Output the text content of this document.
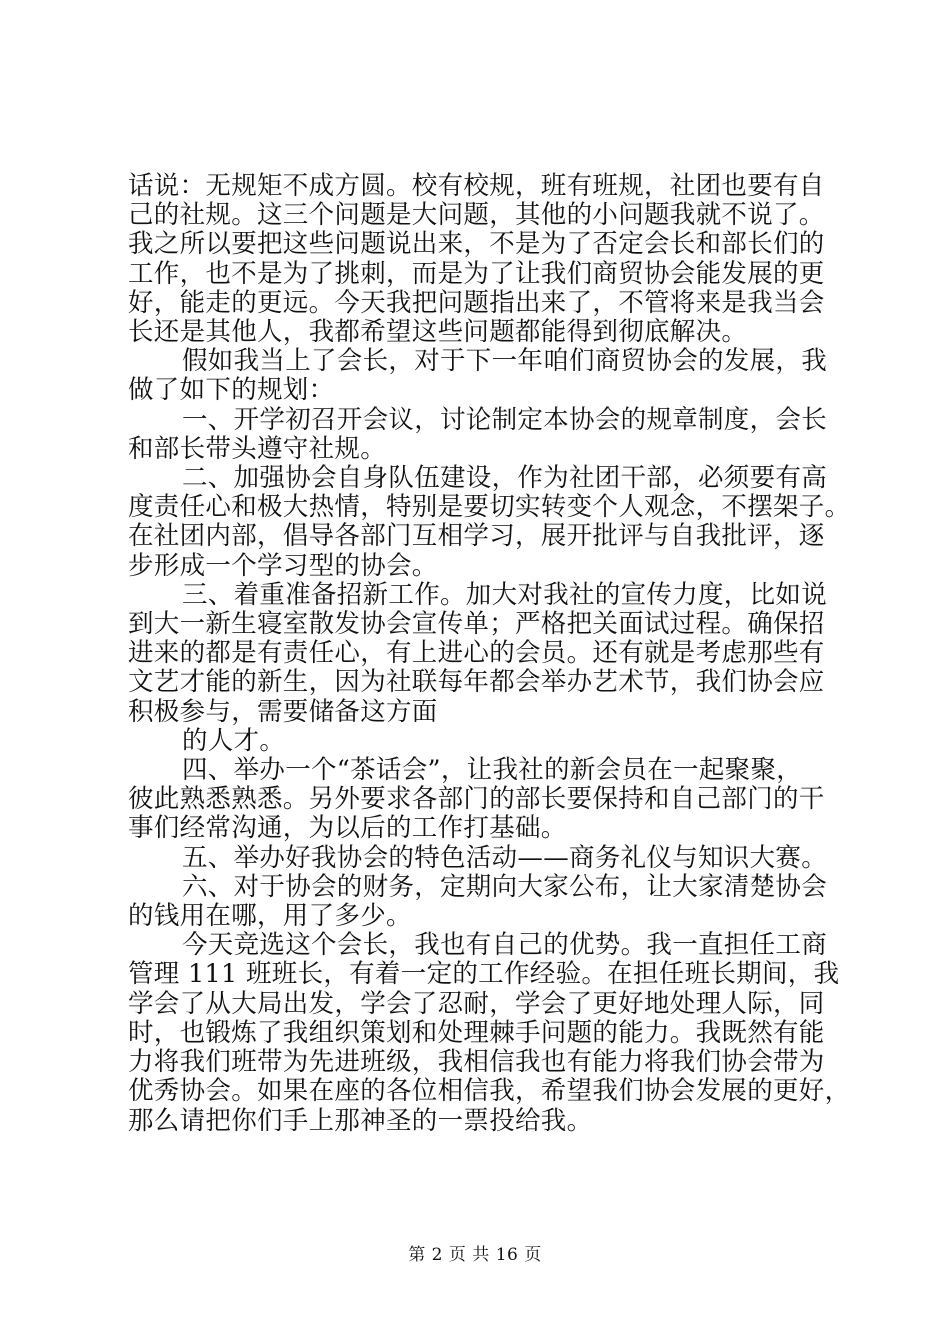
话说：无规矩不成方圆。校有校规，班有班规，社团也要有自
己的社规。这三个问题是大问题，其他的小问题我就不说了。
我之所以要把这些问题说出来，不是为了否定会长和部长们的
工作，也不是为了挑刺，而是为了让我们商贸协会能发展的更
好，能走的更远。今天我把问题指出来了，不管将来是我当会
长还是其他人，我都希望这些问题都能得到彻底解决。
假如我当上了会长，对于下一年咱们商贸协会的发展，我
做了如下的规划：
一、开学初召开会议，讨论制定本协会的规章制度，会长
和部长带头遵守社规。
二、加强协会自身队伍建设，作为社团干部，必须要有高
度责任心和极大热情，特别是要切实转变个人观念，不摆架子。
在社团内部，倡导各部门互相学习，展开批评与自我批评，逐
步形成一个学习型的协会。
三、着重准备招新工作。加大对我社的宣传力度，比如说
到大一新生寝室散发协会宣传单；严格把关面试过程。确保招
进来的都是有责任心，有上进心的会员。还有就是考虑那些有
文艺才能的新生，因为社联每年都会举办艺术节，我们协会应
积极参与，需要储备这方面
的人才。
四、举办一个“茶话会”，让我社的新会员在一起聚聚，
彼此熟悉熟悉。另外要求各部门的部长要保持和自己部门的干
事们经常沟通，为以后的工作打基础。
五、举办好我协会的特色活动——商务礼仪与知识大赛。
六、对于协会的财务，定期向大家公布，让大家清楚协会
的钱用在哪，用了多少。
今天竞选这个会长，我也有自己的优势。我一直担任工商
管理 111 班班长，有着一定的工作经验。在担任班长期间，我
学会了从大局出发，学会了忍耐，学会了更好地处理人际，同
时，也锻炼了我组织策划和处理棘手问题的能力。我既然有能
力将我们班带为先进班级，我相信我也有能力将我们协会带为
优秀协会。如果在座的各位相信我，希望我们协会发展的更好，
那么请把你们手上那神圣的一票投给我。
第 2 页 共 16 页
